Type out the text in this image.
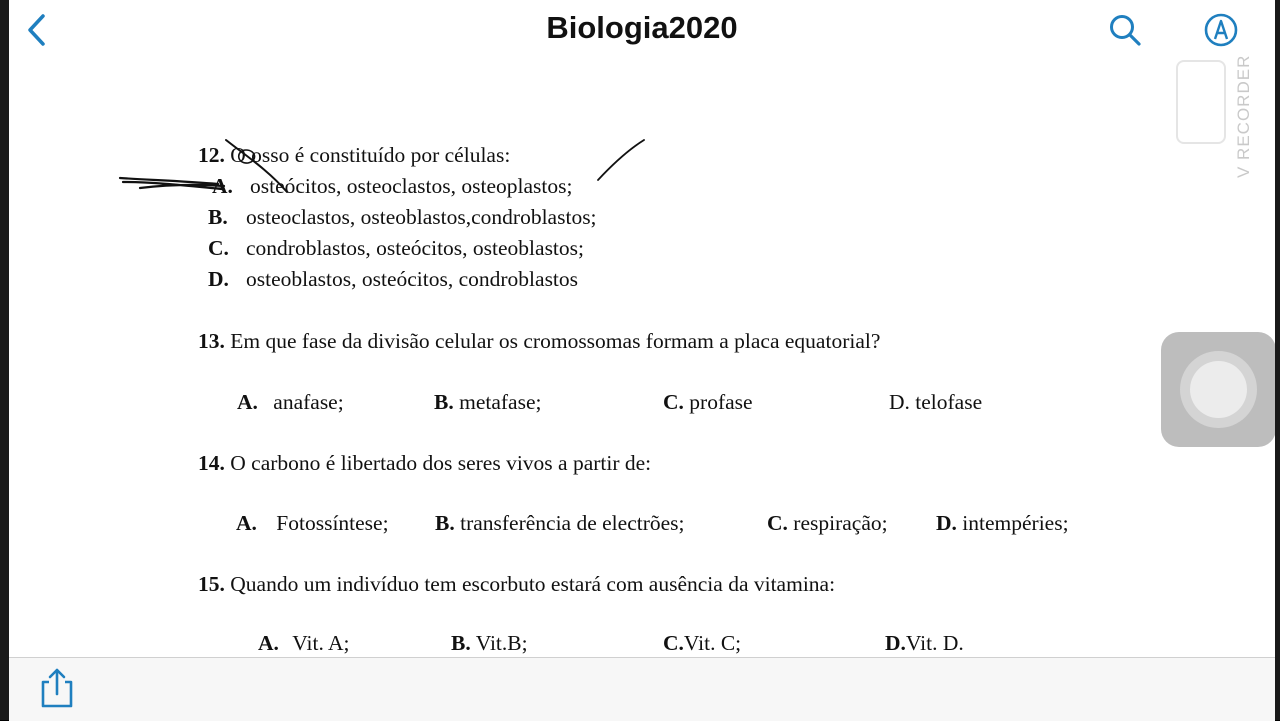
Biologia2020
V RECORDER
12. O osso é constituído por células:
A. osteócitos, osteoclastos, osteoplastos;
B. osteoclastos, osteoblastos,condroblastos;
C. condroblastos, osteócitos, osteoblastos;
D. osteoblastos, osteócitos, condroblastos
13. Em que fase da divisão celular os cromossomas formam a placa equatorial?
A. anafase;	B. metafase;	C. profase	D. telofase
14. O carbono é libertado dos seres vivos a partir de:
A. Fotossíntese; B. transferência de electrões;	C. respiração; D. intempéries;
15. Quando um indivíduo tem escorbuto estará com ausência da vitamina:
A. Vit. A;	B. Vit.B;	C.Vit. C;	D.Vit. D.
